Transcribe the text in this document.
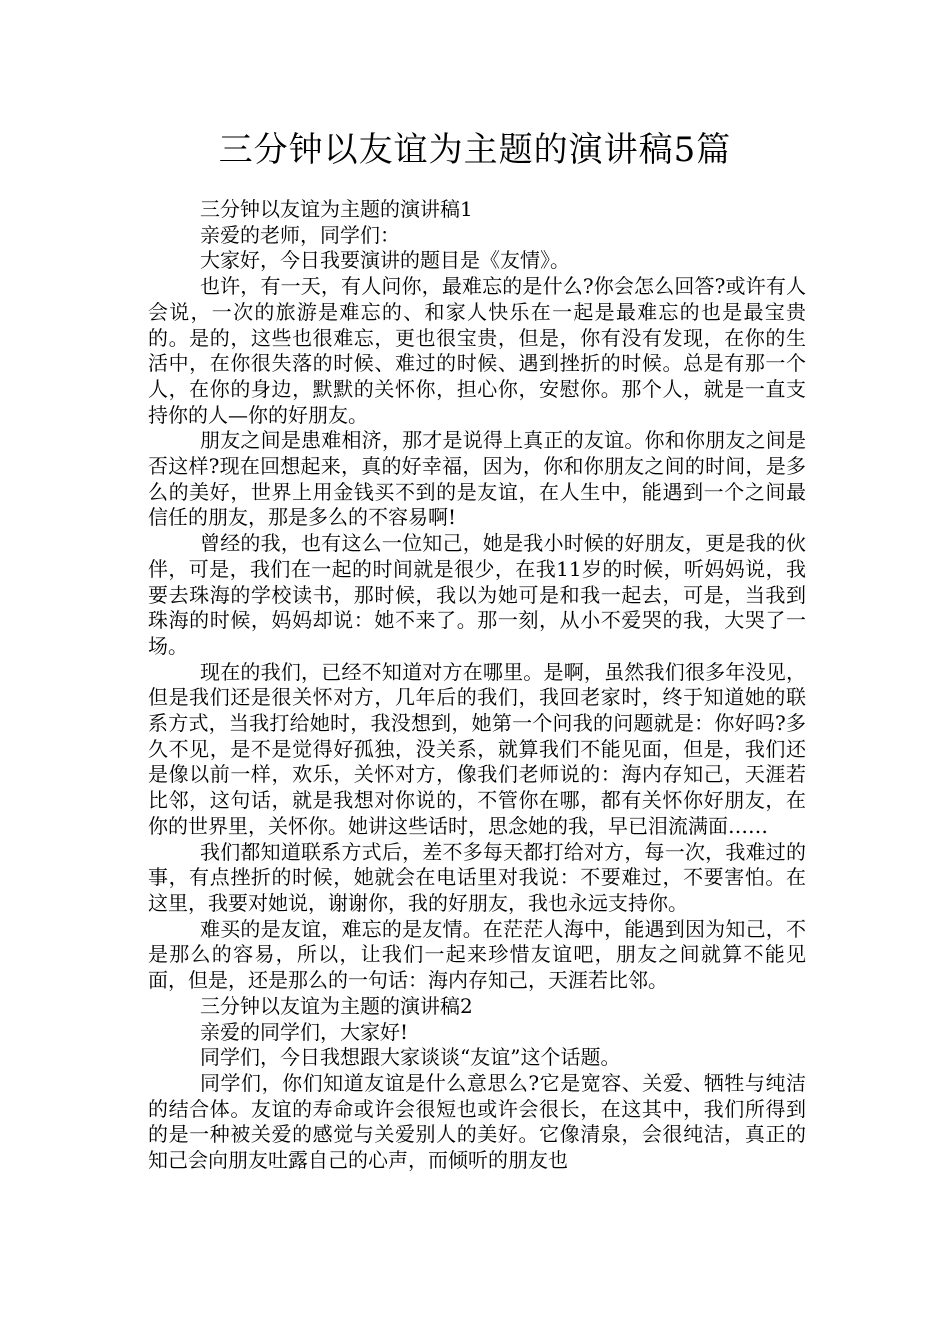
三分钟以友谊为主题的演讲稿5篇

三分钟以友谊为主题的演讲稿1

亲爱的老师，同学们：

大家好，今日我要演讲的题目是《友情》。

也许，有一天，有人问你，最难忘的是什么?你会怎么回答?或许有人会说，一次的旅游是难忘的、和家人快乐在一起是最难忘的也是最宝贵的。是的，这些也很难忘，更也很宝贵，但是，你有没有发现，在你的生活中，在你很失落的时候、难过的时候、遇到挫折的时候。总是有那一个人，在你的身边，默默的关怀你，担心你，安慰你。那个人，就是一直支持你的人—你的好朋友。

朋友之间是患难相济，那才是说得上真正的友谊。你和你朋友之间是否这样?现在回想起来，真的好幸福，因为，你和你朋友之间的时间，是多么的美好，世界上用金钱买不到的是友谊，在人生中，能遇到一个之间最信任的朋友，那是多么的不容易啊!

曾经的我，也有这么一位知己，她是我小时候的好朋友，更是我的伙伴，可是，我们在一起的时间就是很少，在我11岁的时候，听妈妈说，我要去珠海的学校读书，那时候，我以为她可是和我一起去，可是，当我到珠海的时候，妈妈却说：她不来了。那一刻，从小不爱哭的我，大哭了一场。

现在的我们，已经不知道对方在哪里。是啊，虽然我们很多年没见，但是我们还是很关怀对方，几年后的我们，我回老家时，终于知道她的联系方式，当我打给她时，我没想到，她第一个问我的问题就是：你好吗?多久不见，是不是觉得好孤独，没关系，就算我们不能见面，但是，我们还是像以前一样，欢乐，关怀对方，像我们老师说的：海内存知己，天涯若比邻，这句话，就是我想对你说的，不管你在哪，都有关怀你好朋友，在你的世界里，关怀你。她讲这些话时，思念她的我，早已泪流满面……

我们都知道联系方式后，差不多每天都打给对方，每一次，我难过的事，有点挫折的时候，她就会在电话里对我说：不要难过，不要害怕。在这里，我要对她说，谢谢你，我的好朋友，我也永远支持你。

难买的是友谊，难忘的是友情。在茫茫人海中，能遇到因为知己，不是那么的容易，所以，让我们一起来珍惜友谊吧，朋友之间就算不能见面，但是，还是那么的一句话：海内存知己，天涯若比邻。

三分钟以友谊为主题的演讲稿2

亲爱的同学们，大家好!

同学们，今日我想跟大家谈谈“友谊”这个话题。

同学们，你们知道友谊是什么意思么?它是宽容、关爱、牺牲与纯洁的结合体。友谊的寿命或许会很短也或许会很长，在这其中，我们所得到的是一种被关爱的感觉与关爱别人的美好。它像清泉，会很纯洁，真正的知己会向朋友吐露自己的心声，而倾听的朋友也
